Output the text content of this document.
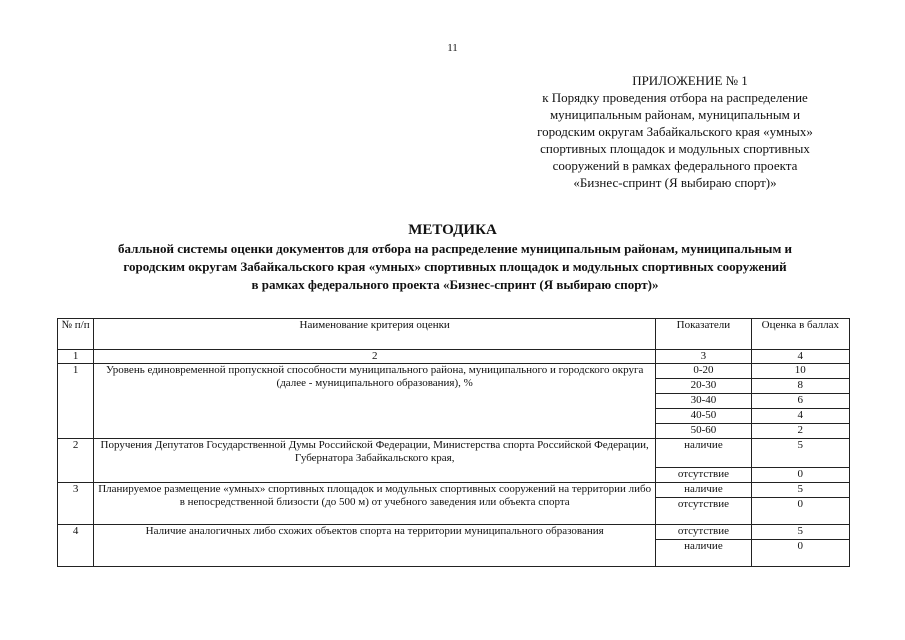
11
ПРИЛОЖЕНИЕ № 1
к Порядку проведения отбора на распределение
муниципальным районам, муниципальным и
городским округам Забайкальского края «умных»
спортивных площадок и модульных спортивных
сооружений в рамках федерального проекта
«Бизнес-спринт (Я выбираю спорт)»
МЕТОДИКА
балльной системы оценки документов для отбора на распределение муниципальным районам, муниципальным и
городским округам Забайкальского края «умных» спортивных площадок и модульных спортивных сооружений
в рамках федерального проекта «Бизнес-спринт (Я выбираю спорт)»
№ п/п	Наименование критерия оценки	Показатели	Оценка в баллах
1	2	3	4
1	Уровень единовременной пропускной способности муниципального района, муниципального и городского округа (далее - муниципального образования), %	0-20	10
		20-30	8
		30-40	6
		40-50	4
		50-60	2
2	Поручения Депутатов Государственной Думы Российской Федерации, Министерства спорта Российской Федерации, Губернатора Забайкальского края,	наличие	5
		отсутствие	0
3	Планируемое размещение «умных» спортивных площадок и модульных спортивных сооружений на территории либо в непосредственной близости (до 500 м) от учебного заведения или объекта спорта	наличие	5
		отсутствие	0
4	Наличие аналогичных либо схожих объектов спорта на территории муниципального образования	отсутствие	5
		наличие	0
